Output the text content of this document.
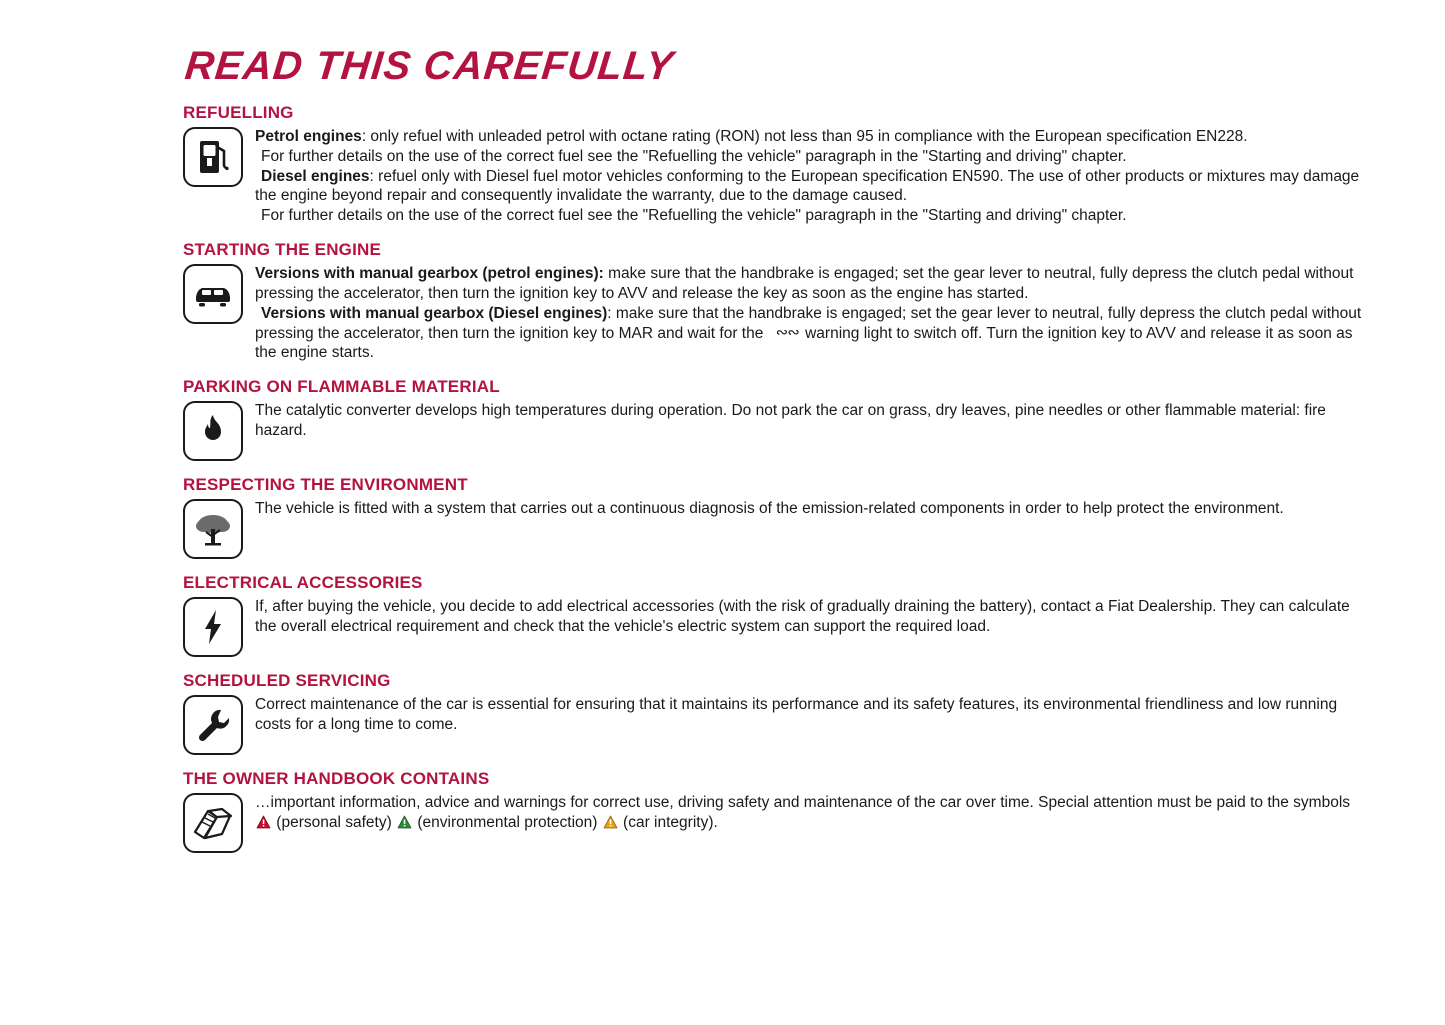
READ THIS CAREFULLY
REFUELLING

Petrol engines: only refuel with unleaded petrol with octane rating (RON) not less than 95 in compliance with the European specification EN228.

For further details on the use of the correct fuel see the "Refuelling the vehicle" paragraph in the "Starting and driving" chapter.

Diesel engines: refuel only with Diesel fuel motor vehicles conforming to the European specification EN590. The use of other products or mixtures may damage the engine beyond repair and consequently invalidate the warranty, due to the damage caused.

For further details on the use of the correct fuel see the "Refuelling the vehicle" paragraph in the "Starting and driving" chapter.

STARTING THE ENGINE

Versions with manual gearbox (petrol engines): make sure that the handbrake is engaged; set the gear lever to neutral, fully depress the clutch pedal without pressing the accelerator, then turn the ignition key to AVV and release the key as soon as the engine has started.

Versions with manual gearbox (Diesel engines): make sure that the handbrake is engaged; set the gear lever to neutral, fully depress the clutch pedal without pressing the accelerator, then turn the ignition key to MAR and wait for the ∾∾ warning light to switch off. Turn the ignition key to AVV and release it as soon as the engine starts.

PARKING ON FLAMMABLE MATERIAL

The catalytic converter develops high temperatures during operation. Do not park the car on grass, dry leaves, pine needles or other flammable material: fire hazard.

RESPECTING THE ENVIRONMENT

The vehicle is fitted with a system that carries out a continuous diagnosis of the emission-related components in order to help protect the environment.

ELECTRICAL ACCESSORIES

If, after buying the vehicle, you decide to add electrical accessories (with the risk of gradually draining the battery), contact a Fiat Dealership. They can calculate the overall electrical requirement and check that the vehicle's electric system can support the required load.

SCHEDULED SERVICING

Correct maintenance of the car is essential for ensuring that it maintains its performance and its safety features, its environmental friendliness and low running costs for a long time to come.

THE OWNER HANDBOOK CONTAINS

…important information, advice and warnings for correct use, driving safety and maintenance of the car over time. Special attention must be paid to the symbols  (personal safety)  (environmental protection)  (car integrity).
